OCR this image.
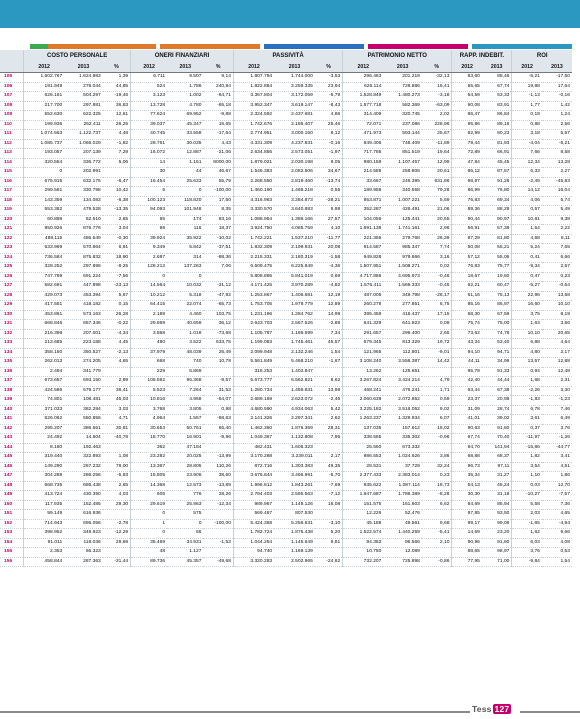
	COSTO PERSONALE			ONERI FINANZIARI			PASSIVITÀ			PATRIMONIO NETTO			RAPP. INDEBIT.		ROI	
	2012	2013	%	2012	2013	%	2012	2013	%	2012	2013	%	2012	2013	2012	2013
105	1.602.767	1.624.983	1,39	6.711	9.507	9,14	1.807.794	1.744.000	-3,53	296.483	201.219	-32,13	83,60	88,46	-5,21	-17,50
106	191.949	278.044	44,85	524	1.786	240,84	1.822.884	2.259.335	23,94	626.114	728.886	16,41	65,65	67,74	19,88	17,64
107	626.161	504.297	-19,46	3.123	1.002	-64,71	3.367.804	3.172.059	-5,79	1.528.849	1.480.273	-3,18	54,59	53,33	-1,13	-0,16
108	217.700	297.881	36,83	13.728	4.780	-65,18	3.952.347	3.619.147	-8,43	1.577.718	582.369	-63,09	60,08	83,91	1,77	1,42
109	552.630	622.325	12,61	77.624	69.952	-9,88	2.324.592	2.437.681	4,86	314.409	320.745	2,02	86,47	86,84	0,19	1,24
110	199.936	252.411	26,25	39.037	45.347	15,65	1.742.676	2.186.407	25,46	72.071	237.086	228,96	95,86	89,16	0,88	2,56
111	1.074.563	1.122.737	4,48	40.745	33.558	-17,64	2.774.951	3.000.160	8,12	471.973	593.144	25,67	82,99	80,23	3,18	5,57
112	1.085.737	1.066.029	-1,82	28.761	30.035	4,43	4.331.309	4.237.831	-0,16	849.406	748.409	-11,89	79,44	81,93	-4,04	-5,21
113	193.057	207.139	7,29	16.072	12.887	-21,06	2.634.856	2.573.051	-1,97	717.786	851.519	19,64	72,89	66,91	7,66	8,58
114	320.554	336.772	5,06	14	1.151	8000,00	1.879.021	2.030.198	8,05	980.159	1.107.457	12,99	47,84	45,45	12,34	13,28
115	0	202.991		30	44	46,67	1.546.383	2.082.506	34,67	214.585	258.806	20,61	86,12	87,57	6,33	2,27
116	675.915	632.175	-6,47	16.454	25.633	55,79	2.268.550	2.819.460	-13,74	33.667	246.395	631,86	98,97	91,26	-2,49	-45,83
117	299.581	330.798	10,42	5	0	-100,00	1.460.190	1.468.218	0,55	189.958	340.558	79,28	86,99	76,80	14,12	16,04
118	143.359	134.083	-6,38	100.123	118.820	17,50	4.316.963	3.284.873	-28,21	953.871	1.007.221	5,59	76,83	69,34	4,06	5,74
119	553.382	479.528	-13,35	94.093	101.948	8,35	3.330.570	3.640.883	9,98	352.287	426.491	21,06	89,36	88,29	0,57	5,49
120	60.898	62.510	2,65	95	174	83,16	1.088.954	1.389.166	27,57	104.056	125.441	20,55	90,44	90,97	10,81	9,38
121	850.926	876.776	3,04	98	116	18,37	3.924.750	4.085.759	4,10	1.691.138	1.741.161	2,96	56,91	57,38	1,54	2,22
122	488.115	486.649	-0,30	39.924	35.922	-10,02	1.742.221	1.537.210	-11,77	221.356	279.768	26,39	87,29	81,80	4,58	8,11
123	533.969	570.864	6,91	9.349	5.842	-37,51	1.832.309	2.199.931	20,08	914.587	985.347	7,74	50,08	55,21	5,24	7,65
124	736.584	875.832	18,90	2.697	314	-88,36	2.215.331	2.180.319	-1,58	949.828	979.866	3,16	57,12	55,06	0,41	6,66
125	328.252	297.896	-9,25	128.212	137.263	7,06	6.509.475	6.225.849	-4,36	1.507.951	1.508.271	0,02	76,83	75,77	-9,34	2,57
126	747.769	691.224	-7,56	0	0		5.808.895	5.841.019	0,69	4.717.886	4.695.973	-0,46	18,67	19,60	0,47	0,23
127	582.691	447.898	-23,13	14.564	10.032	-31,12	4.171.425	3.970.289	-4,82	1.576.411	1.569.333	-0,45	62,21	60,47	-5,27	-0,64
128	429.073	453.394	5,67	10.212	5.318	-47,92	1.253.867	1.406.681	12,19	487.005	349.798	-28,17	61,16	75,13	22,96	13,58
129	417.551	418.182	0,15	64.415	22.074	-65,73	1.753.705	1.979.779	12,89	260.278	277.851	6,75	85,16	85,97	16,60	10,10
130	453.861	573.163	26,28	2.189	4.460	103,75	1.231.196	1.284.762	14,99	395.459	416.437	17,15	68,30	67,59	3,75	8,19
131	668.846	667.346	-0,22	29.869	40.659	36,12	2.643.703	2.567.526	-2,88	641.329	641.923	0,09	75,74	75,00	1,63	3,56
132	216.398	207.001	-4,34	3.868	1.018	-73,68	1.105.787	1.186.599	7,34	291.657	299.400	2,65	73,62	74,78	10,10	20,65
133	213.685	223.188	4,45	480	3.522	633,75	1.199.083	1.745.461	45,57	679.345	813.329	19,72	43,34	53,40	6,88	4,64
134	358.150	350.527	-2,13	37.979	48.039	26,49	2.099.948	2.132.246	1,54	121.965	112.801	-9,01	94,10	94,71	4,80	2,17
135	262.013	274.205	4,65	668	740	10,78	5.561.849	5.468.210	-1,67	3.108.240	3.556.387	14,42	44,11	34,96	13,57	12,88
136	2.494	341.779		229	6.869		315.253	1.402.847		13.262	125.651		95,79	91,33	0,94	12,48
137	673.657	693.150	2,89	106.562	96.368	-9,57	5.673.777	6.562.821	8,62	3.267.824	3.424.214	4,79	42,40	44,44	1,68	2,31
138	424.586	579.177	36,41	5.523	7.264	31,52	1.280.734	1.459.831	13,98	468.241	476.241	1,71	63,44	67,38	-2,26	3,30
139	74.801	108.481	45,03	10.816	4.968	-54,07	2.689.169	2.623.072	-2,46	2.060.639	2.072.852	0,59	23,37	20,98	-1,83	-1,23
140	371.033	382.284	3,03	3.768	3.805	0,98	4.680.590	4.934.063	5,42	3.225.182	3.516.052	9,02	31,09	28,74	6,78	7,46
141	526.062	550.856	4,71	4.964	1.557	-68,63	2.141.326	2.297.341	2,62	1.263.237	1.329.934	6,07	41,01	39,02	3,61	6,49
142	295.207	386.561	30,81	30.653	50.761	65,40	1.462.360	1.876.359	28,31	137.035	157.612	15,02	90,63	91,60	0,37	3,76
143	24.492	14.504	-40,78	18.770	16.901	-9,96	1.049.367	1.132.808	7,95	338.565	335.302	-0,96	67,74	70,40	-11,97	-1,26
144	8.180	192.463		362	47.184		482.431	1.605.323		25.560	673.332		94,70	141,94	-15,86	-44,77
145	319.440	322.893	1,08	23.282	20.025	-13,99	3.170.288	3.239.011	2,17	986.553	1.024.626	3,86	68,88	68,37	1,82	3,41
146	149.290	267.232	79,00	13.367	28.805	110,26	872.716	1.303.383	49,35	28.531	37.729	32,24	96,73	97,11	3,54	4,51
147	304.288	286.256	-5,93	15.805	23.906	38,60	3.676.644	3.466.991	-5,70	2.377.433	2.383.014	0,23	35,34	31,27	1,10	1,86
148	668.735	686.438	2,65	14.368	12.573	-13,89	1.996.812	1.843.261	-7,69	935.622	1.087.114	18,73	54,13	45,24	0,03	12,70
149	413.724	430.390	4,03	605	776	28,26	2.794.403	2.595.563	-7,12	1.947.687	1.786.389	-8,28	30,30	31,18	-10,27	-7,57
150	117.935	152.485	29,30	29.619	25.963	-12,34	989.967	1.149.126	16,08	151.575	161.603	6,62	84,69	85,94	5,58	7,36
151	99.149	616.936		0	575		569.467	807.530		12.226	52.476		97,85	93,50	2,03	4,65
152	714.943	695.056	-2,78	1	0	-100,00	5.424.368	5.256.631	-3,10	45.188	49.561	9,68	99,17	99,06	-1,65	-4,94
153	398.952	349.923	-12,29	0	66		1.782.724	1.875.438	5,20	1.522.574	1.440.259	-5,41	14,59	23,20	1,62	9,66
154	91.011	118.036	29,69	35.469	34.931	-1,52	1.044.254	1.146.649	9,81	94.382	96.566	2,10	90,96	91,60	6,03	4,08
155	2.353	65.323		48	1.127		94.740	1.169.139		10.750	12.089		88,65	98,97	3,76	0,53
156	458.844	287.363	-31,44	89.736	45.357	-49,68	3.320.283	2.502.965	-24,62	732.207	725.898	-0,86	77,95	71,00	-9,84	1,54
Tess 127
